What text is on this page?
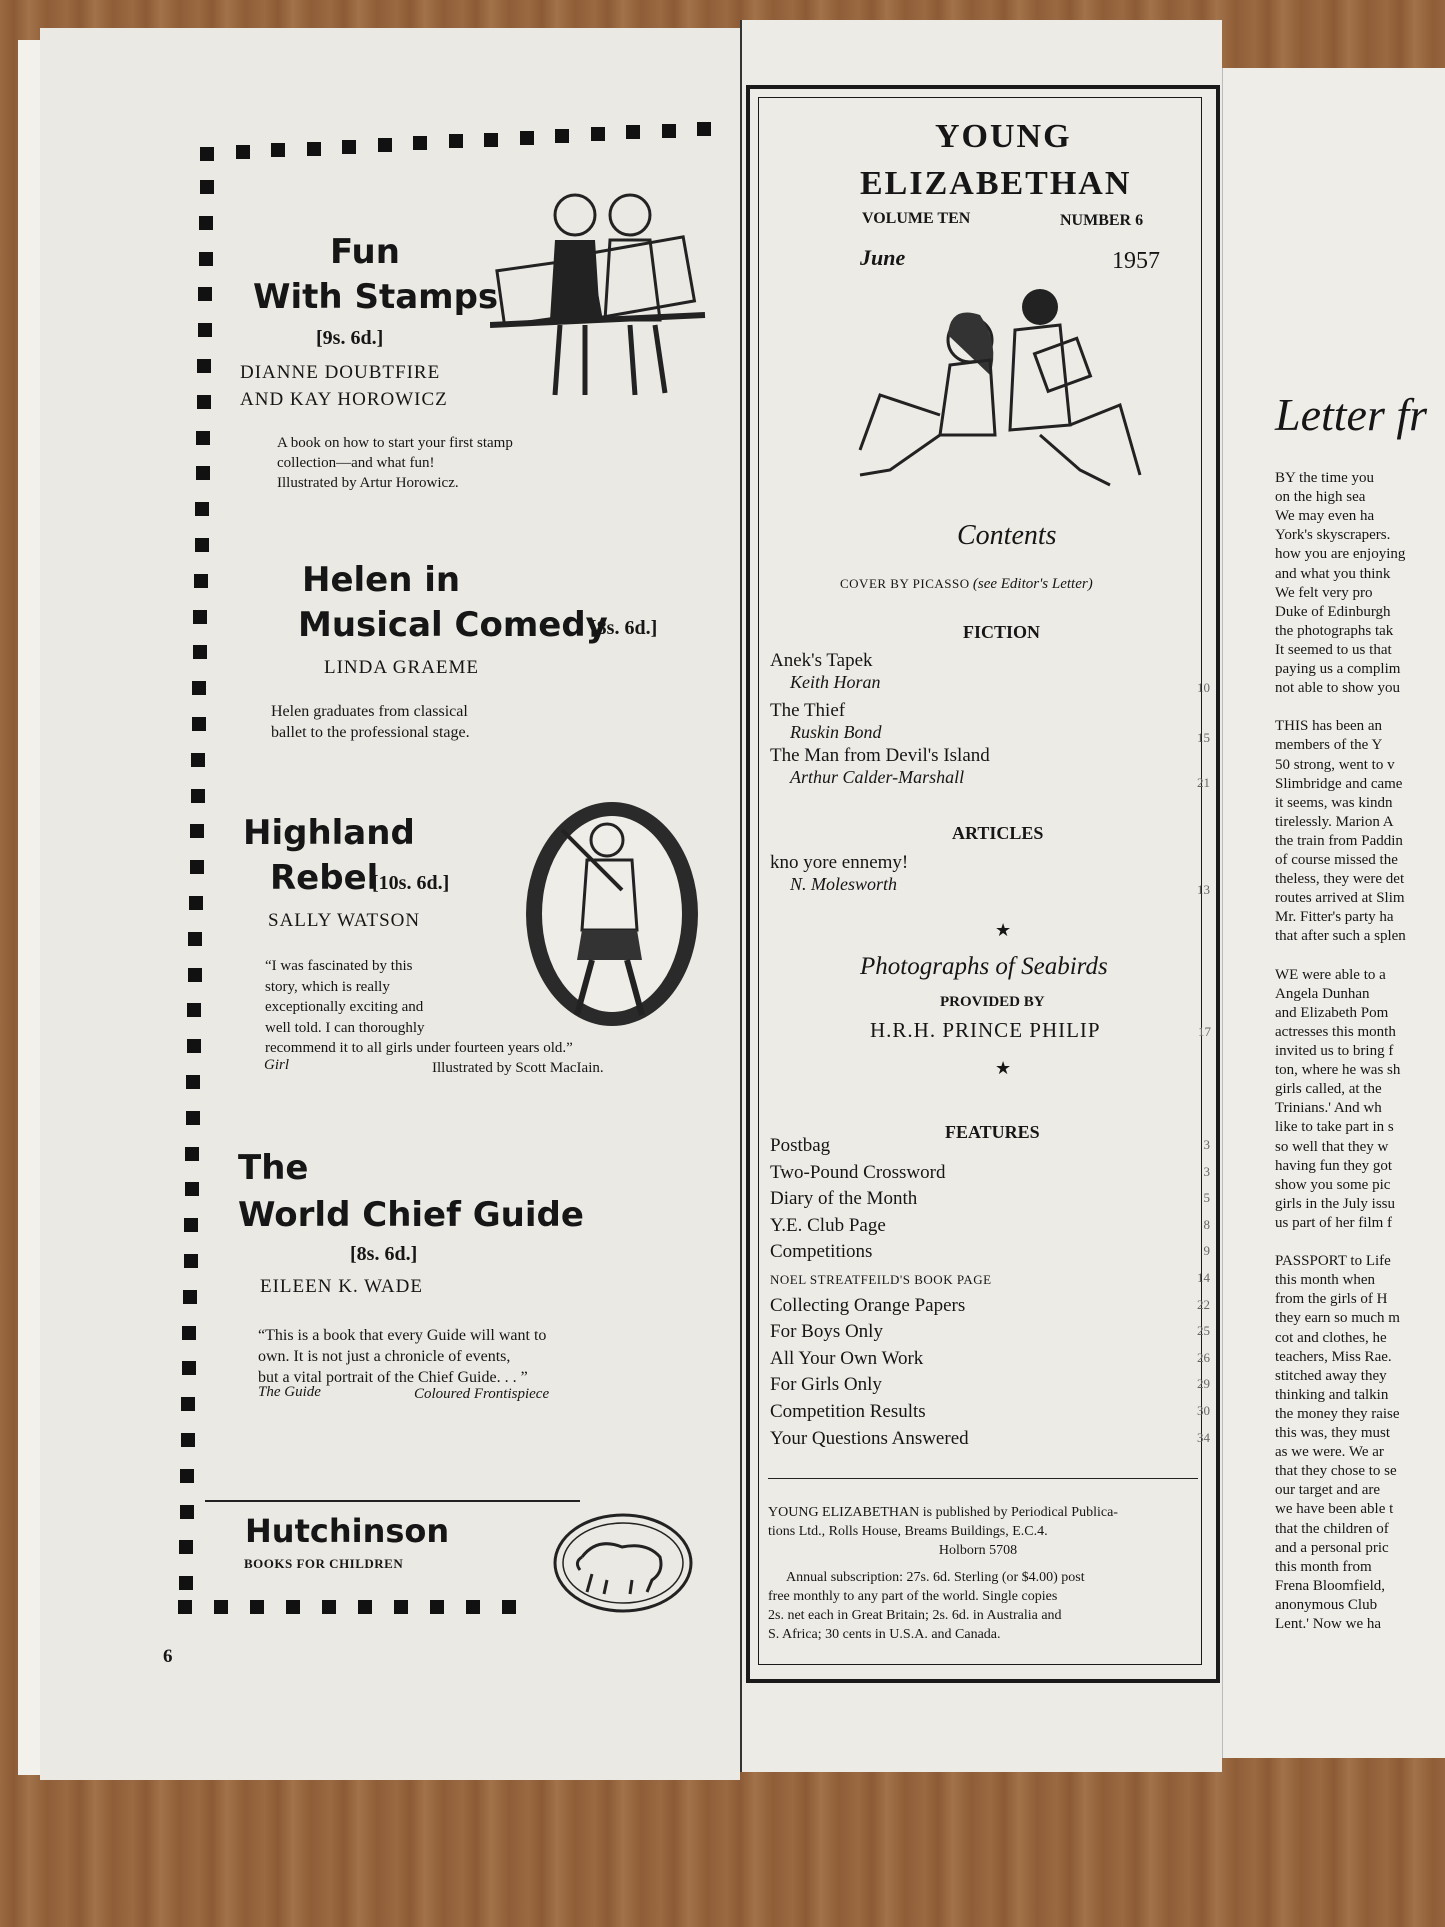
Fun
With Stamps
[9s. 6d.]
DIANNE DOUBTFIRE
AND KAY HOROWICZ
A book on how to start your first stamp
collection—and what fun!
Illustrated by Artur Horowicz.
Helen in
Musical Comedy
[8s. 6d.]
LINDA GRAEME
Helen graduates from classical
ballet to the professional stage.
Highland
Rebel
[10s. 6d.]
SALLY WATSON
“I was fascinated by this
story, which is really
exceptionally exciting and
well told. I can thoroughly
recommend it to all girls under fourteen years old.”
Girl	Illustrated by Scott MacIain.
The
World Chief Guide
[8s. 6d.]
EILEEN K. WADE
“This is a book that every Guide will want to
own. It is not just a chronicle of events,
but a vital portrait of the Chief Guide. . . ”
The Guide	Coloured Frontispiece
Hutchinson
BOOKS FOR CHILDREN
6
YOUNG
ELIZABETHAN
VOLUME TEN	NUMBER 6
June	1957
Contents
COVER BY PICASSO (see Editor's Letter)
FICTION
Anek's Tapek
Keith Horan	10
The Thief
Ruskin Bond	15
The Man from Devil's Island
Arthur Calder-Marshall	21
ARTICLES
kno yore ennemy!
N. Molesworth	13
★
Photographs of Seabirds
PROVIDED BY
H.R.H. PRINCE PHILIP	17
★
FEATURES
Postbag	3
Two-Pound Crossword	3
Diary of the Month	5
Y.E. Club Page	8
Competitions	9
NOEL STREATFEILD'S BOOK PAGE	14
Collecting Orange Papers	22
For Boys Only	25
All Your Own Work	26
For Girls Only	29
Competition Results	30
Your Questions Answered	34
YOUNG ELIZABETHAN is published by Periodical Publica-
tions Ltd., Rolls House, Breams Buildings, E.C.4.
Holborn 5708
Annual subscription: 27s. 6d. Sterling (or $4.00) post
free monthly to any part of the world. Single copies
2s. net each in Great Britain; 2s. 6d. in Australia and
S. Africa; 30 cents in U.S.A. and Canada.
Letter fr
BY the time you
on the high sea
We may even ha
York's skyscrapers.
how you are enjoying
and what you think
We felt very pro
Duke of Edinburgh
the photographs tak
It seemed to us that
paying us a complim
not able to show you
THIS has been an
members of the Y
50 strong, went to v
Slimbridge and came
it seems, was kindn
tirelessly. Marion A
the train from Paddin
of course missed the
theless, they were det
routes arrived at Slim
Mr. Fitter's party ha
that after such a splen
WE were able to a
Angela Dunhan
and Elizabeth Pom
actresses this month
invited us to bring f
ton, where he was sh
girls called, at the
Trinians.' And wh
like to take part in s
so well that they w
having fun they got
show you some pic
girls in the July issu
us part of her film f
PASSPORT to Life
this month when
from the girls of H
they earn so much m
cot and clothes, he
teachers, Miss Rae.
stitched away they
thinking and talkin
the money they raise
this was, they must
as we were. We ar
that they chose to se
our target and are
we have been able t
that the children of
and a personal pric
this month from
Frena Bloomfield,
anonymous Club
Lent.' Now we ha
